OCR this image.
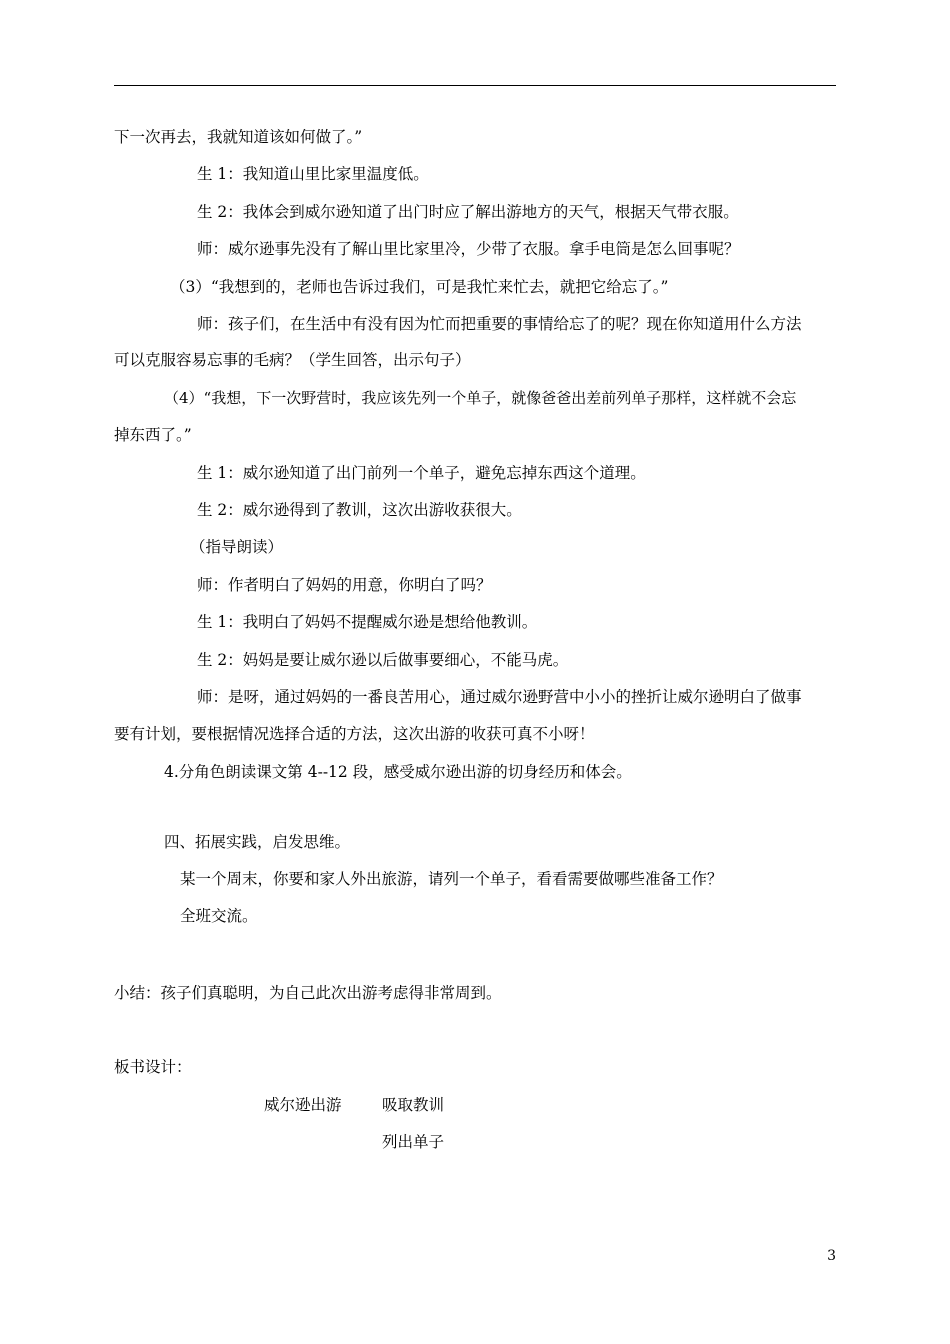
下一次再去，我就知道该如何做了。”
生 1：我知道山里比家里温度低。
生 2：我体会到威尔逊知道了出门时应了解出游地方的天气，根据天气带衣服。
师：威尔逊事先没有了解山里比家里冷，少带了衣服。拿手电筒是怎么回事呢？
（3）“我想到的，老师也告诉过我们，可是我忙来忙去，就把它给忘了。”
师：孩子们，在生活中有没有因为忙而把重要的事情给忘了的呢？现在你知道用什么方法
可以克服容易忘事的毛病？（学生回答，出示句子）
（4）“我想，下一次野营时，我应该先列一个单子，就像爸爸出差前列单子那样，这样就不会忘
掉东西了。”
生 1：威尔逊知道了出门前列一个单子，避免忘掉东西这个道理。
生 2：威尔逊得到了教训，这次出游收获很大。
（指导朗读）
师：作者明白了妈妈的用意，你明白了吗？
生 1：我明白了妈妈不提醒威尔逊是想给他教训。
生 2：妈妈是要让威尔逊以后做事要细心，不能马虎。
师：是呀，通过妈妈的一番良苦用心，通过威尔逊野营中小小的挫折让威尔逊明白了做事
要有计划，要根据情况选择合适的方法，这次出游的收获可真不小呀！
4.分角色朗读课文第 4--12 段，感受威尔逊出游的切身经历和体会。
四、拓展实践，启发思维。
某一个周末，你要和家人外出旅游，请列一个单子，看看需要做哪些准备工作？
全班交流。
小结：孩子们真聪明，为自己此次出游考虑得非常周到。
板书设计：
威尔逊出游	吸取教训
列出单子
3
